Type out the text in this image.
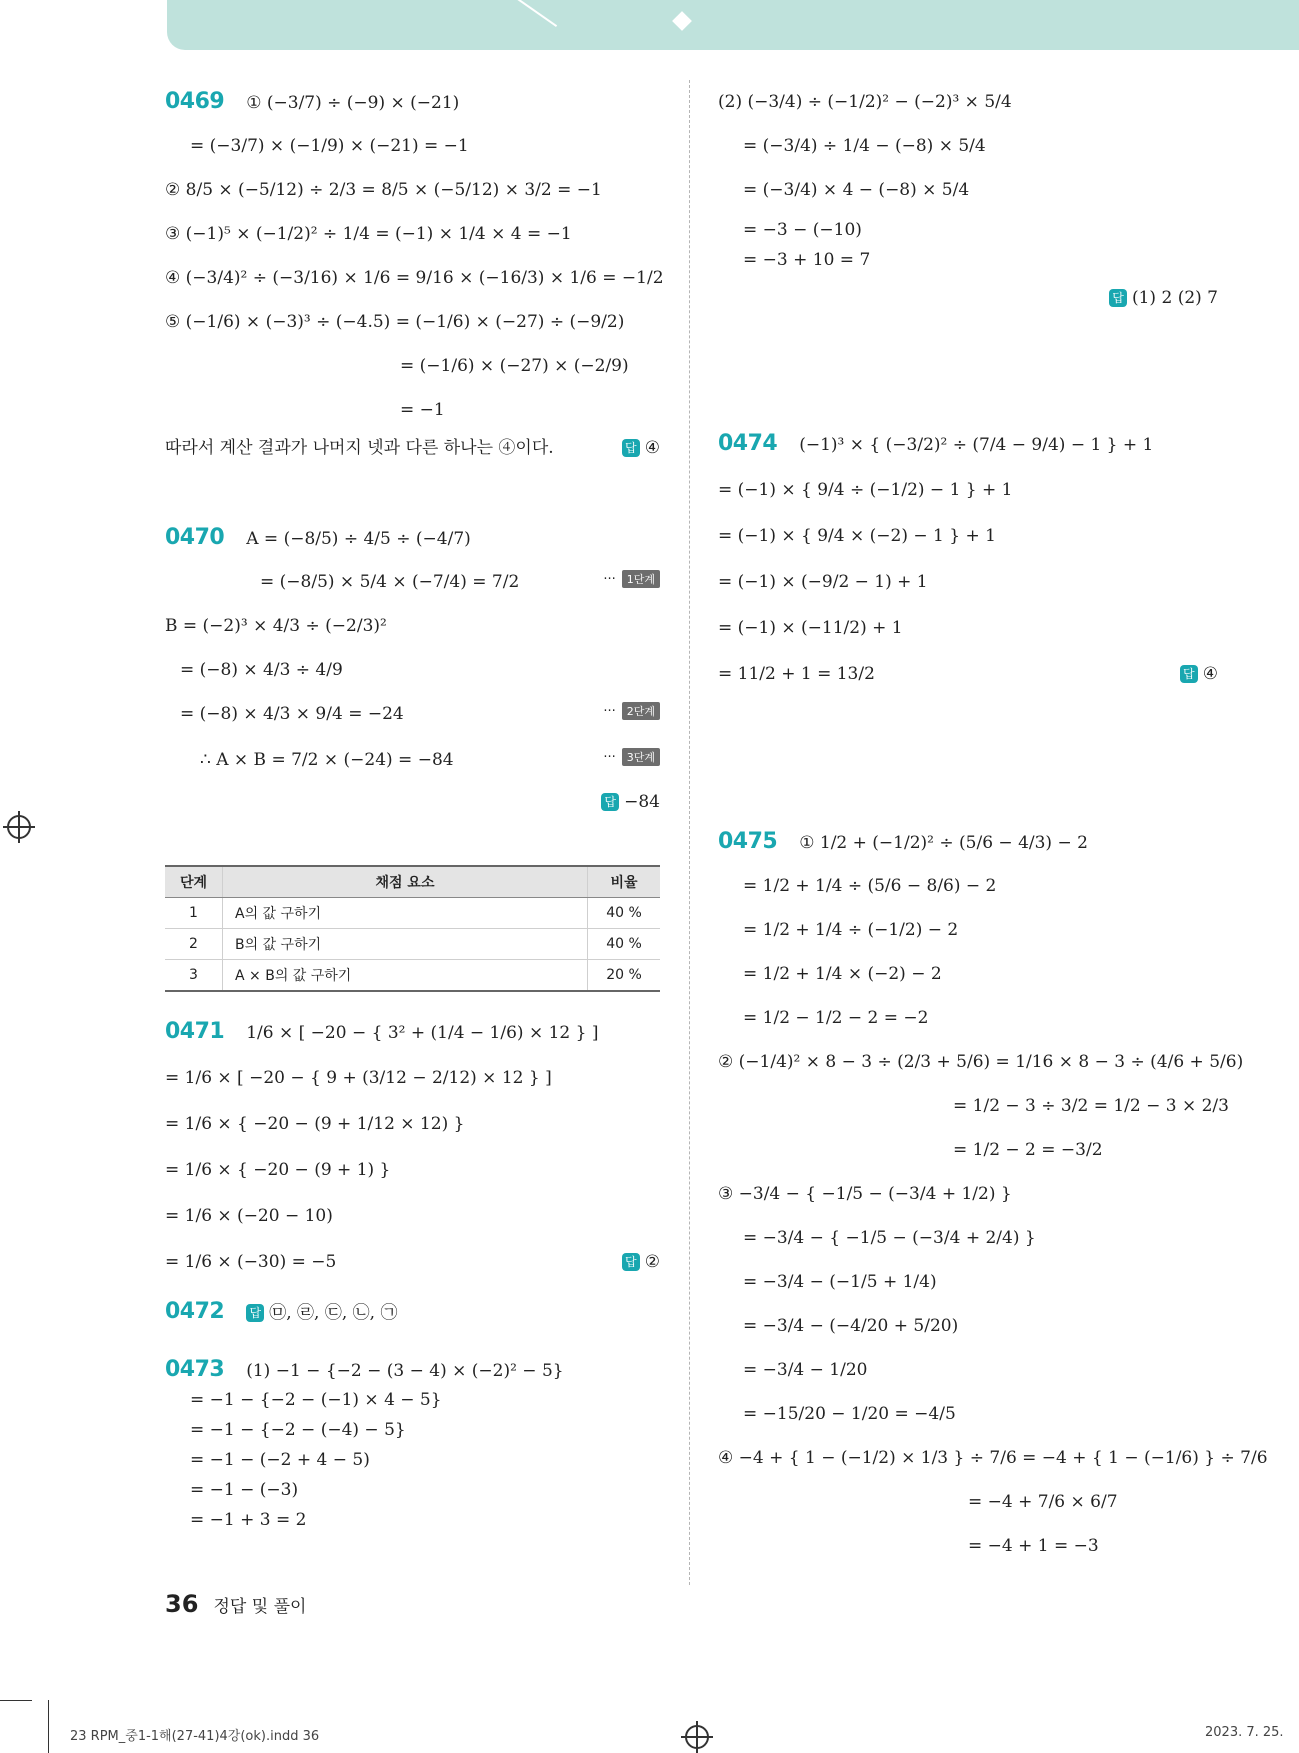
0469 ① (−3/7) ÷ (−9) × (−21)
= (−3/7) × (−1/9) × (−21) = −1
② 8/5 × (−5/12) ÷ 2/3 = 8/5 × (−5/12) × 3/2 = −1
③ (−1)⁵ × (−1/2)² ÷ 1/4 = (−1) × 1/4 × 4 = −1
④ (−3/4)² ÷ (−3/16) × 1/6 = 9/16 × (−16/3) × 1/6 = −1/2
⑤ (−1/6) × (−3)³ ÷ (−4.5) = (−1/6) × (−27) ÷ (−9/2)
= (−1/6) × (−27) × (−2/9)
= −1
따라서 계산 결과가 나머지 넷과 다른 하나는 ④이다.	답 ④
0470 A = (−8/5) ÷ 4/5 ÷ (−4/7)
= (−8/5) × 5/4 × (−7/4) = 7/2
B = (−2)³ × 4/3 ÷ (−2/3)²
= (−8) × 4/3 ÷ 4/9
= (−8) × 4/3 × 9/4 = −24
∴ A × B = 7/2 × (−24) = −84
··· 1단계
··· 2단계
··· 3단계
답 −84
0471 1/6 × [ −20 − { 3² + (1/4 − 1/6) × 12 } ]
= 1/6 × [ −20 − { 9 + (3/12 − 2/12) × 12 } ]
= 1/6 × { −20 − (9 + 1/12 × 12) }
= 1/6 × { −20 − (9 + 1) }
= 1/6 × (−20 − 10)
= 1/6 × (−30) = −5	답 ②
0472 답 ㉤, ㉣, ㉢, ㉡, ㉠
0473 (1) −1 − {−2 − (3 − 4) × (−2)² − 5}
= −1 − {−2 − (−1) × 4 − 5}
= −1 − {−2 − (−4) − 5}
= −1 − (−2 + 4 − 5)
= −1 − (−3)
= −1 + 3 = 2
단계	채점 요소	비율
1	A의 값 구하기	40 %
2	B의 값 구하기	40 %
3	A × B의 값 구하기	20 %
(2) (−3/4) ÷ (−1/2)² − (−2)³ × 5/4
= (−3/4) ÷ 1/4 − (−8) × 5/4
= (−3/4) × 4 − (−8) × 5/4
= −3 − (−10)
= −3 + 10 = 7
답 (1) 2 (2) 7
0474 (−1)³ × { (−3/2)² ÷ (7/4 − 9/4) − 1 } + 1
= (−1) × { 9/4 ÷ (−1/2) − 1 } + 1
= (−1) × { 9/4 × (−2) − 1 } + 1
= (−1) × (−9/2 − 1) + 1
= (−1) × (−11/2) + 1
= 11/2 + 1 = 13/2	답 ④
0475 ① 1/2 + (−1/2)² ÷ (5/6 − 4/3) − 2
= 1/2 + 1/4 ÷ (5/6 − 8/6) − 2
= 1/2 + 1/4 ÷ (−1/2) − 2
= 1/2 + 1/4 × (−2) − 2
= 1/2 − 1/2 − 2 = −2
② (−1/4)² × 8 − 3 ÷ (2/3 + 5/6) = 1/16 × 8 − 3 ÷ (4/6 + 5/6)
= 1/2 − 3 ÷ 3/2 = 1/2 − 3 × 2/3
= 1/2 − 2 = −3/2
③ −3/4 − { −1/5 − (−3/4 + 1/2) }
= −3/4 − { −1/5 − (−3/4 + 2/4) }
= −3/4 − (−1/5 + 1/4)
= −3/4 − (−4/20 + 5/20)
= −3/4 − 1/20
= −15/20 − 1/20 = −4/5
④ −4 + { 1 − (−1/2) × 1/3 } ÷ 7/6 = −4 + { 1 − (−1/6) } ÷ 7/6
= −4 + 7/6 × 6/7
= −4 + 1 = −3
36 정답 및 풀이
23 RPM_중1-1해(27-41)4강(ok).indd 36	2023. 7. 25.
